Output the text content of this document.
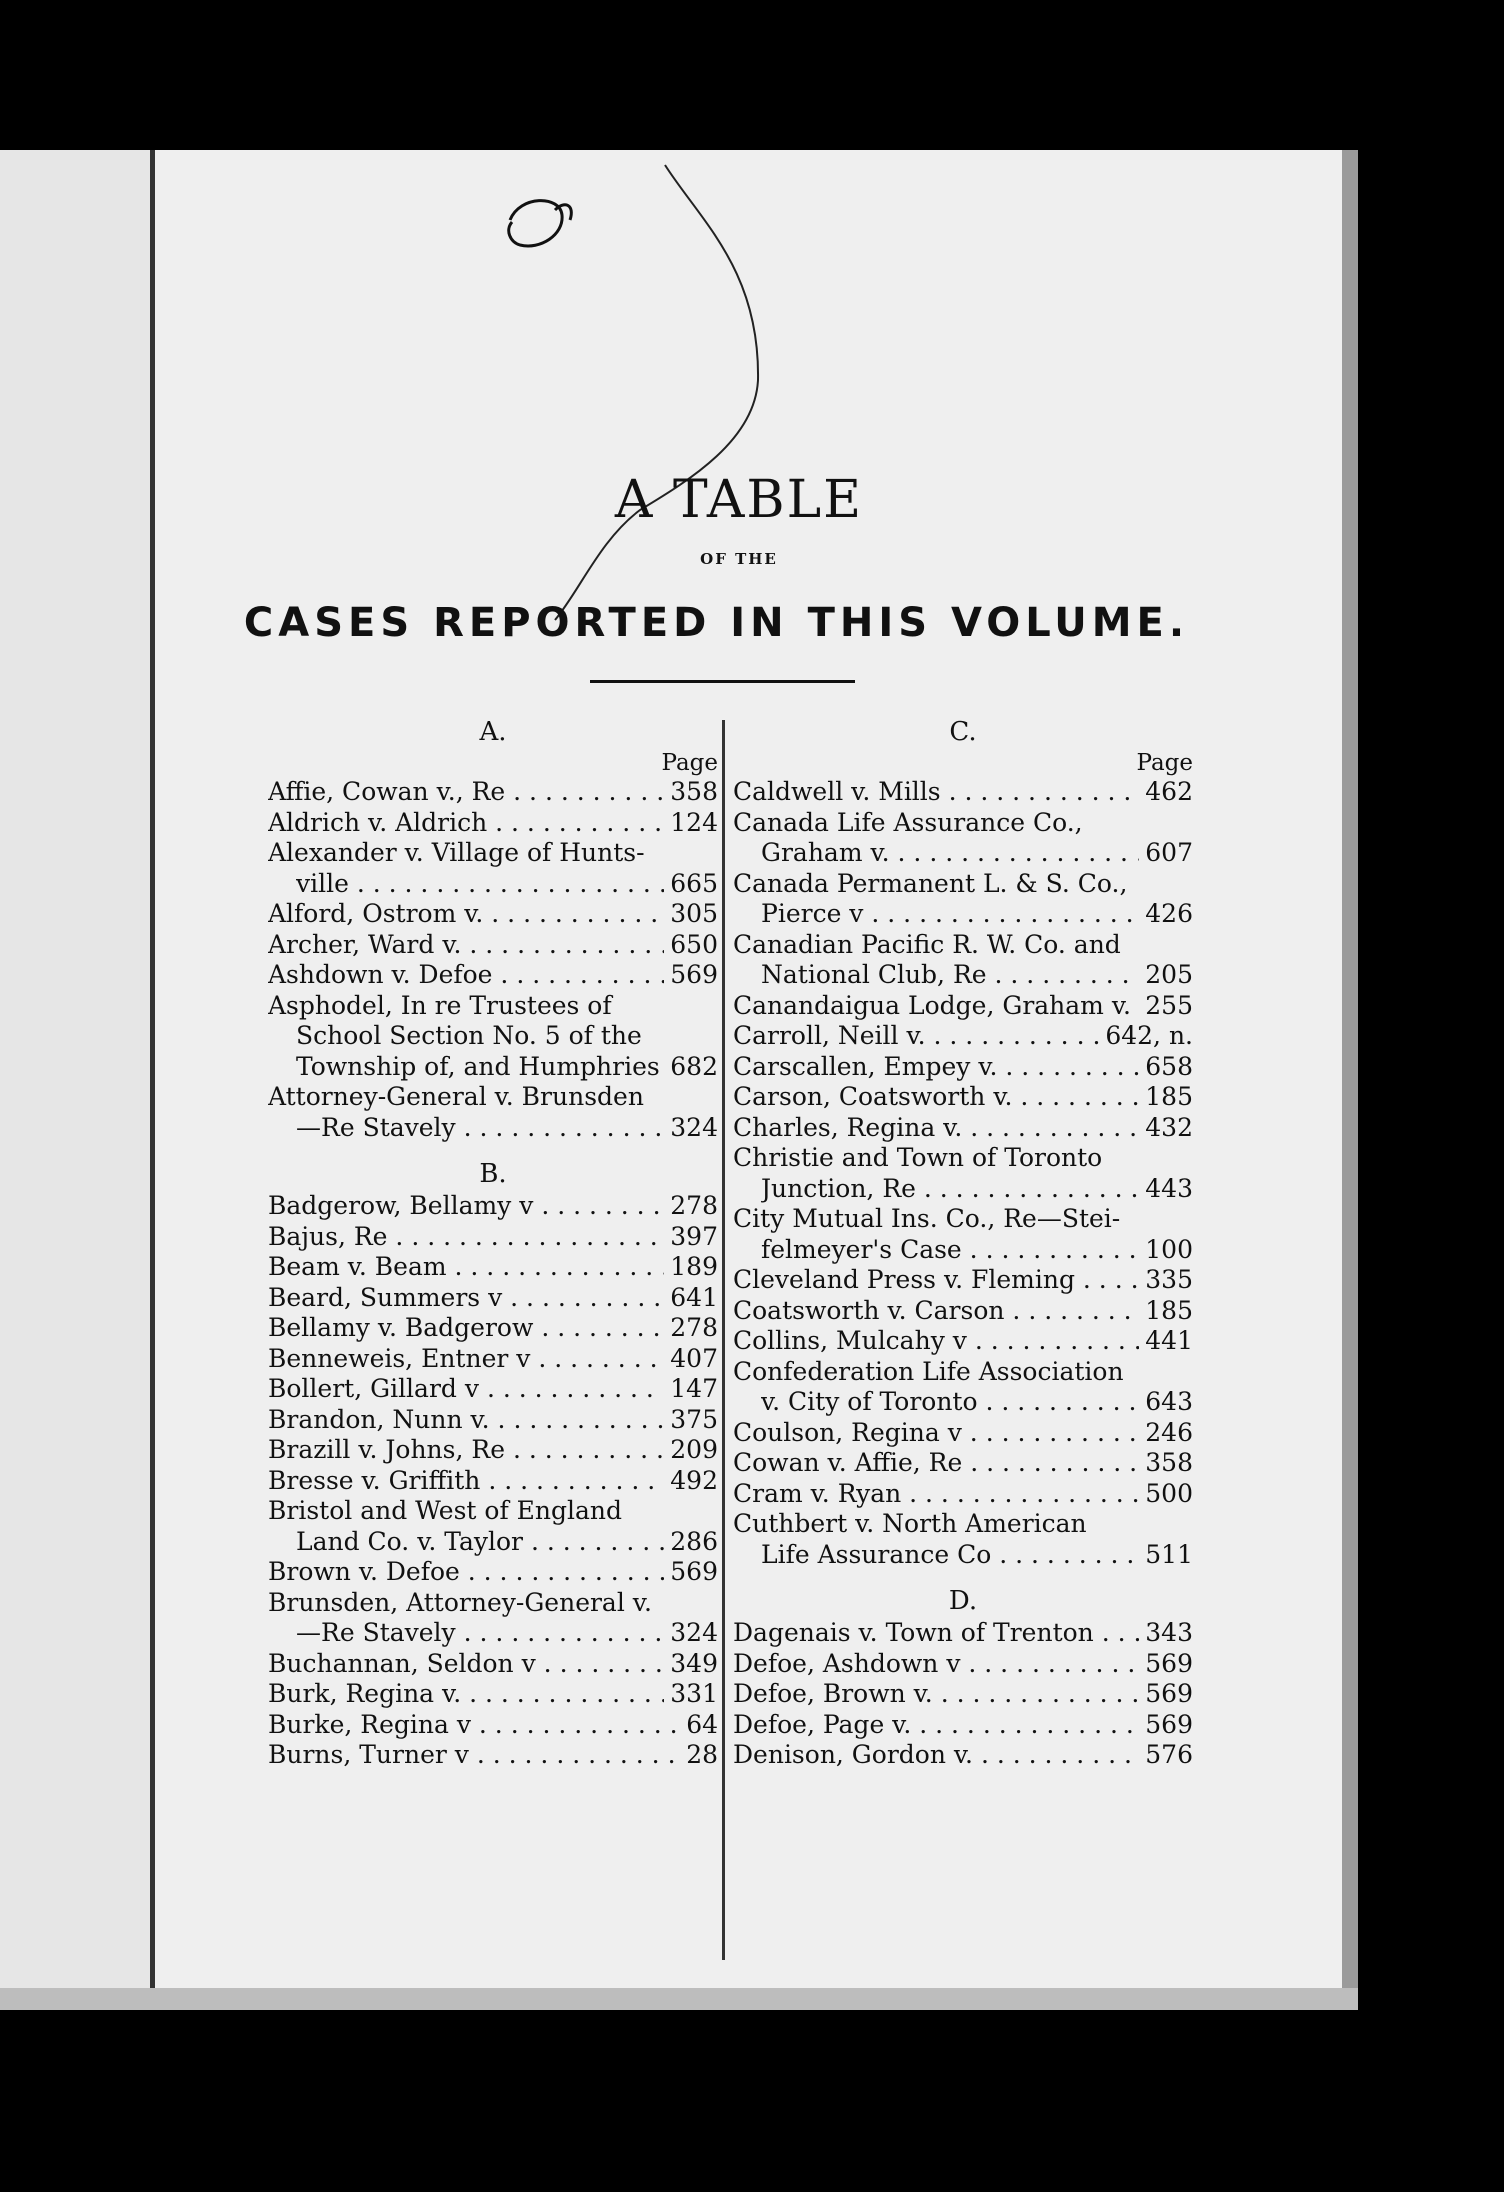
A TABLE
OF THE
CASES REPORTED IN THIS VOLUME.
A.
Page
Affie, Cowan v., Re . . .	358
Aldrich v. Aldrich . . .	124
Alexander v. Village of Hunts-
ville . . .	665
Alford, Ostrom v. . . .	305
Archer, Ward v. . . .	650
Ashdown v. Defoe . . .	569
Asphodel, In re Trustees of
School Section No. 5 of the
Township of, and Humphries . . . 682
Attorney-General v. Brunsden
—Re Stavely . . .	324
B.
Badgerow, Bellamy v . . .	278
Bajus, Re . . .	397
Beam v. Beam . . .	189
Beard, Summers v . . .	641
Bellamy v. Badgerow . . .	278
Benneweis, Entner v . . .	407
Bollert, Gillard v . . .	147
Brandon, Nunn v. . . .	375
Brazill v. Johns, Re . . .	209
Bresse v. Griffith . . .	492
Bristol and West of England
Land Co. v. Taylor . . .	286
Brown v. Defoe . . .	569
Brunsden, Attorney-General v.
—Re Stavely . . .	324
Buchannan, Seldon v . . .	349
Burk, Regina v. . . .	331
Burke, Regina v . . .	64
Burns, Turner v . . .	28
C.
Page
Caldwell v. Mills . . .	462
Canada Life Assurance Co.,
Graham v. . . .	607
Canada Permanent L. & S. Co.,
Pierce v . . .	426
Canadian Pacific R. W. Co. and
National Club, Re . . .	205
Canandaigua Lodge, Graham v. . . . 255
Carroll, Neill v. . . .	642, n.
Carscallen, Empey v. . . .	658
Carson, Coatsworth v. . . .	185
Charles, Regina v. . . .	432
Christie and Town of Toronto
Junction, Re . . .	443
City Mutual Ins. Co., Re—Stei-
felmeyer's Case . . .	100
Cleveland Press v. Fleming . . .	335
Coatsworth v. Carson . . .	185
Collins, Mulcahy v . . .	441
Confederation Life Association
v. City of Toronto . . .	643
Coulson, Regina v . . .	246
Cowan v. Affie, Re . . .	358
Cram v. Ryan . . .	500
Cuthbert v. North American
Life Assurance Co . . .	511
D.
Dagenais v. Town of Trenton . . .	343
Defoe, Ashdown v . . .	569
Defoe, Brown v. . . .	569
Defoe, Page v. . . .	569
Denison, Gordon v. . . .	576
